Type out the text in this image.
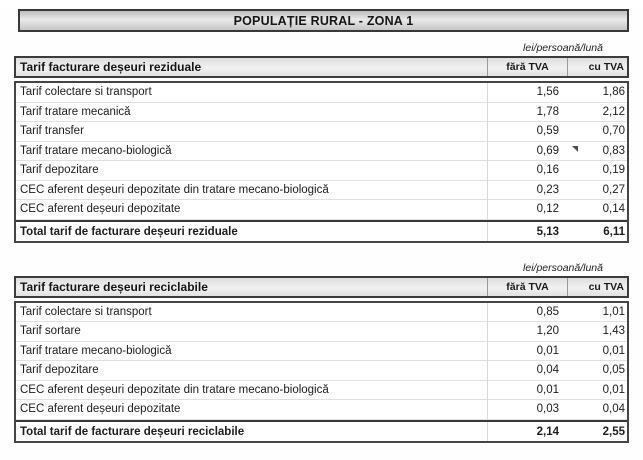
POPULAȚIE RURAL - ZONA 1
lei/persoană/lună
Tarif facturare deșeuri reziduale	fără TVA	cu TVA
Tarif colectare si transport	1,56	1,86
Tarif tratare mecanică	1,78	2,12
Tarif transfer	0,59	0,70
Tarif tratare mecano-biologică	0,69	0,83
Tarif depozitare	0,16	0,19
CEC aferent deșeuri depozitate din tratare mecano-biologică	0,23	0,27
CEC aferent deșeuri depozitate	0,12	0,14
Total tarif de facturare deșeuri reziduale	5,13	6,11
lei/persoană/lună
Tarif facturare deșeuri reciclabile	fără TVA	cu TVA
Tarif colectare si transport	0,85	1,01
Tarif sortare	1,20	1,43
Tarif tratare mecano-biologică	0,01	0,01
Tarif depozitare	0,04	0,05
CEC aferent deșeuri depozitate din tratare mecano-biologică	0,01	0,01
CEC aferent deșeuri depozitate	0,03	0,04
Total tarif de facturare deșeuri reciclabile	2,14	2,55
